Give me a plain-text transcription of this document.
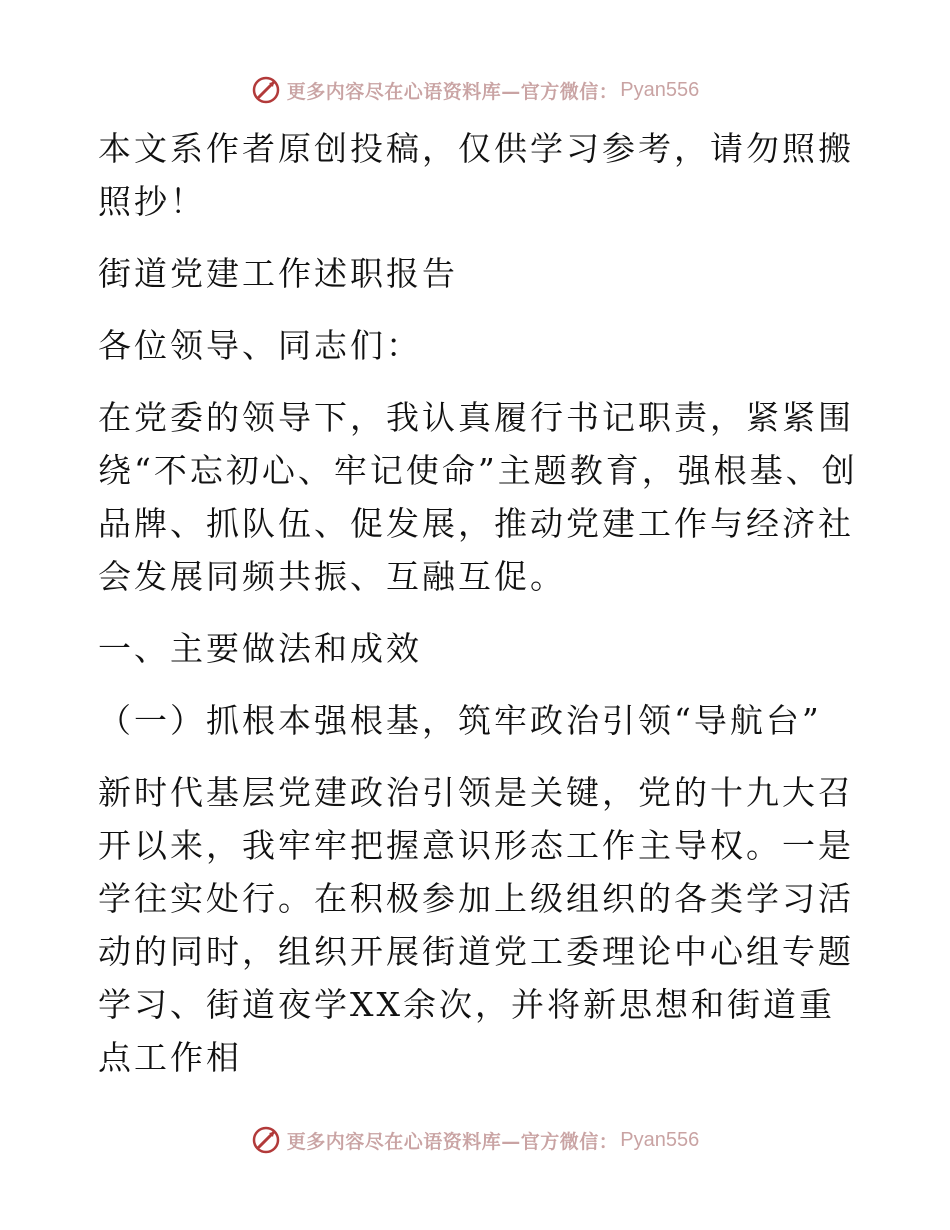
更多内容尽在心语资料库—官方微信： Pyan556

本文系作者原创投稿，仅供学习参考，请勿照搬照抄！

街道党建工作述职报告

各位领导、同志们：

在党委的领导下，我认真履行书记职责，紧紧围绕“不忘初心、牢记使命”主题教育，强根基、创品牌、抓队伍、促发展，推动党建工作与经济社会发展同频共振、互融互促。

一、主要做法和成效

（一）抓根本强根基，筑牢政治引领“导航台”

新时代基层党建政治引领是关键，党的十九大召开以来，我牢牢把握意识形态工作主导权。一是学往实处行。在积极参加上级组织的各类学习活动的同时，组织开展街道党工委理论中心组专题学习、街道夜学XX余次，并将新思想和街道重点工作相

更多内容尽在心语资料库—官方微信： Pyan556
